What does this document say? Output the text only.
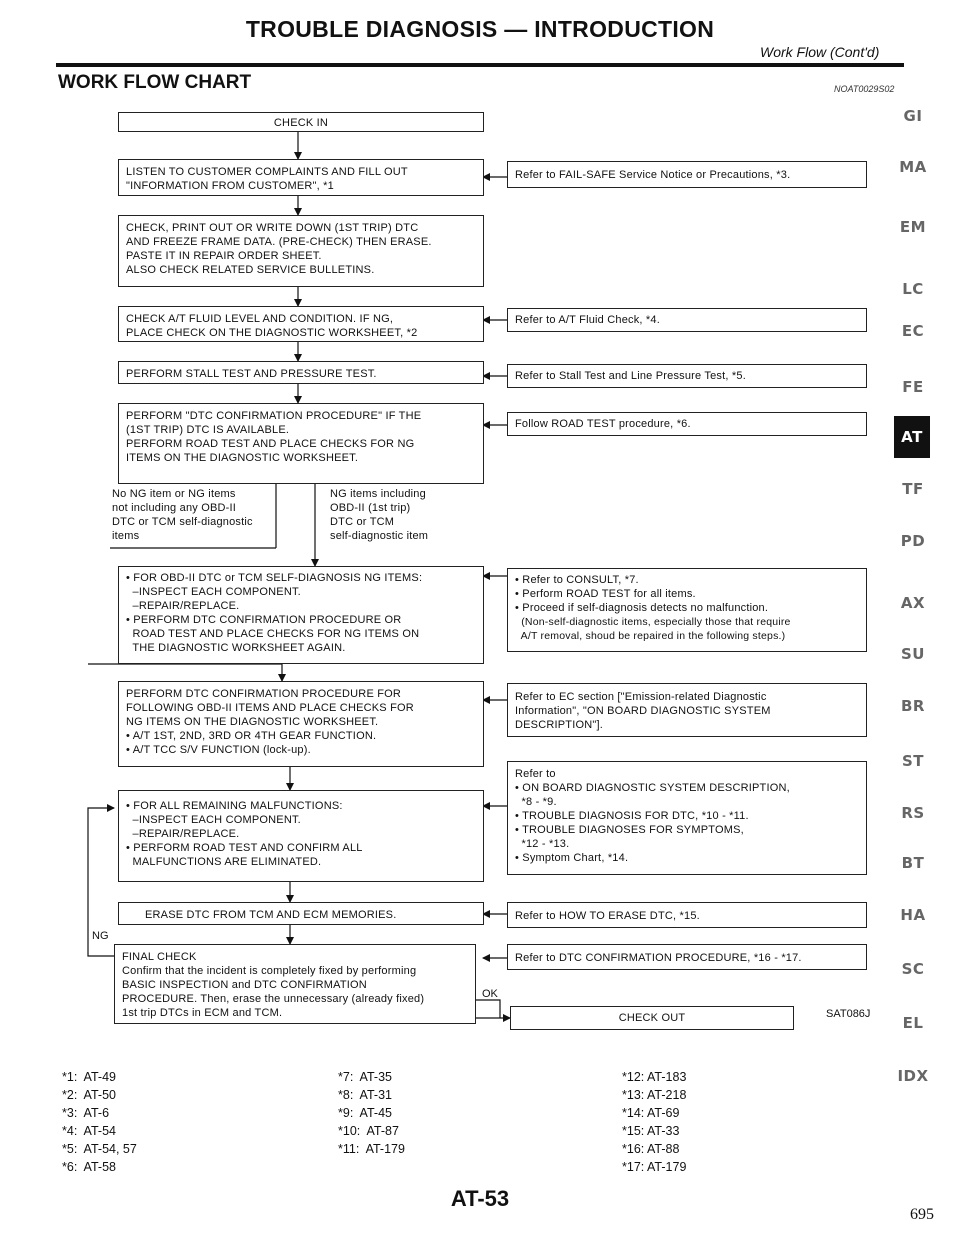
TROUBLE DIAGNOSIS — INTRODUCTION
Work Flow (Cont'd)
WORK FLOW CHART	NOAT0029S02
CHECK IN
LISTEN TO CUSTOMER COMPLAINTS AND FILL OUT
"INFORMATION FROM CUSTOMER", *1
CHECK, PRINT OUT OR WRITE DOWN (1ST TRIP) DTC
AND FREEZE FRAME DATA. (PRE-CHECK) THEN ERASE.
PASTE IT IN REPAIR ORDER SHEET.
ALSO CHECK RELATED SERVICE BULLETINS.
CHECK A/T FLUID LEVEL AND CONDITION. IF NG,
PLACE CHECK ON THE DIAGNOSTIC WORKSHEET, *2
PERFORM STALL TEST AND PRESSURE TEST.
PERFORM "DTC CONFIRMATION PROCEDURE" IF THE
(1ST TRIP) DTC IS AVAILABLE.
PERFORM ROAD TEST AND PLACE CHECKS FOR NG
ITEMS ON THE DIAGNOSTIC WORKSHEET.
No NG item or NG items
not including any OBD-II
DTC or TCM self-diagnostic
items
NG items including
OBD-II (1st trip)
DTC or TCM
self-diagnostic item
• FOR OBD-II DTC or TCM SELF-DIAGNOSIS NG ITEMS:
–INSPECT EACH COMPONENT.
–REPAIR/REPLACE.
• PERFORM DTC CONFIRMATION PROCEDURE OR
ROAD TEST AND PLACE CHECKS FOR NG ITEMS ON
THE DIAGNOSTIC WORKSHEET AGAIN.
PERFORM DTC CONFIRMATION PROCEDURE FOR
FOLLOWING OBD-II ITEMS AND PLACE CHECKS FOR
NG ITEMS ON THE DIAGNOSTIC WORKSHEET.
• A/T 1ST, 2ND, 3RD OR 4TH GEAR FUNCTION.
• A/T TCC S/V FUNCTION (lock-up).
• FOR ALL REMAINING MALFUNCTIONS:
–INSPECT EACH COMPONENT.
–REPAIR/REPLACE.
• PERFORM ROAD TEST AND CONFIRM ALL
MALFUNCTIONS ARE ELIMINATED.
ERASE DTC FROM TCM AND ECM MEMORIES.
NG
FINAL CHECK
Confirm that the incident is completely fixed by performing
BASIC INSPECTION and DTC CONFIRMATION
PROCEDURE. Then, erase the unnecessary (already fixed)
1st trip DTCs in ECM and TCM.
OK
CHECK OUT
Refer to FAIL-SAFE Service Notice or Precautions, *3.
Refer to A/T Fluid Check, *4.
Refer to Stall Test and Line Pressure Test, *5.
Follow ROAD TEST procedure, *6.
• Refer to CONSULT, *7.
• Perform ROAD TEST for all items.
• Proceed if self-diagnosis detects no malfunction.
(Non-self-diagnostic items, especially those that require
A/T removal, shoud be repaired in the following steps.)
Refer to EC section ["Emission-related Diagnostic
Information", "ON BOARD DIAGNOSTIC SYSTEM
DESCRIPTION"].
Refer to
• ON BOARD DIAGNOSTIC SYSTEM DESCRIPTION,
*8 - *9.
• TROUBLE DIAGNOSIS FOR DTC, *10 - *11.
• TROUBLE DIAGNOSES FOR SYMPTOMS,
*12 - *13.
• Symptom Chart, *14.
Refer to HOW TO ERASE DTC, *15.
Refer to DTC CONFIRMATION PROCEDURE, *16 - *17.
SAT086J
GI
MA
EM
LC
EC
FE
AT
TF
PD
AX
SU
BR
ST
RS
BT
HA
SC
EL
IDX
*1:  AT-49
*2:  AT-50
*3:  AT-6
*4:  AT-54
*5:  AT-54, 57
*6:  AT-58
*7:  AT-35
*8:  AT-31
*9:  AT-45
*10:  AT-87
*11:  AT-179
*12: AT-183
*13: AT-218
*14: AT-69
*15: AT-33
*16: AT-88
*17: AT-179
AT-53
695
